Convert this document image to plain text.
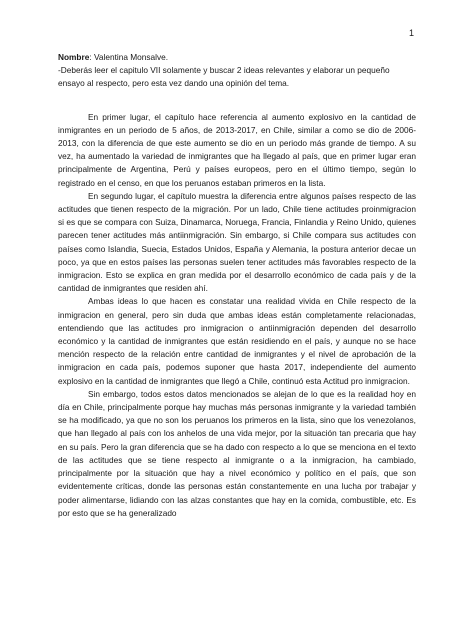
1

Nombre: Valentina Monsalve.

-Deberás leer el capitulo VII solamente y buscar 2 ideas relevantes y elaborar un pequeño ensayo al respecto, pero esta vez dando una opinión del tema.

En primer lugar, el capítulo hace referencia al aumento explosivo en la cantidad de inmigrantes en un periodo de 5 años, de 2013-2017, en Chile, similar a como se dio de 2006-2013, con la diferencia de que este aumento se dio en un periodo más grande de tiempo. A su vez, ha aumentado la variedad de inmigrantes que ha llegado al país, que en primer lugar eran principalmente de Argentina, Perú y países europeos, pero en el último tiempo, según lo registrado en el censo, en que los peruanos estaban primeros en la lista.

En segundo lugar, el capítulo muestra la diferencia entre algunos países respecto de las actitudes que tienen respecto de la migración. Por un lado, Chile tiene actitudes proinmigracion si es que se compara con Suiza, Dinamarca, Noruega, Francia, Finlandia y Reino Unido, quienes parecen tener actitudes más antiinmigración. Sin embargo, si Chile compara sus actitudes con países como Islandia, Suecia, Estados Unidos, España y Alemania, la postura anterior decae un poco, ya que en estos países las personas suelen tener actitudes más favorables respecto de la inmigracion. Esto se explica en gran medida por el desarrollo económico de cada país y de la cantidad de inmigrantes que residen ahí.

Ambas ideas lo que hacen es constatar una realidad vivida en Chile respecto de la inmigracion en general, pero sin duda que ambas ideas están completamente relacionadas, entendiendo que las actitudes pro inmigracion o antiinmigración dependen del desarrollo económico y la cantidad de inmigrantes que están residiendo en el país, y aunque no se hace mención respecto de la relación entre cantidad de inmigrantes y el nivel de aprobación de la inmigracion en cada país, podemos suponer que hasta 2017, independiente del aumento explosivo en la cantidad de inmigrantes que llegó a Chile, continuó esta Actitud pro inmigracion.

Sin embargo, todos estos datos mencionados se alejan de lo que es la realidad hoy en día en Chile, principalmente porque hay muchas más personas inmigrante y la variedad también se ha modificado, ya que no son los peruanos los primeros en la lista, sino que los venezolanos, que han llegado al país con los anhelos de una vida mejor, por la situación tan precaria que hay en su país. Pero la gran diferencia que se ha dado con respecto a lo que se menciona en el texto de las actitudes que se tiene respecto al inmigrante o a la inmigracion, ha cambiado, principalmente por la situación que hay a nivel económico y político en el país, que son evidentemente críticas, donde las personas están constantemente en una lucha por trabajar y poder alimentarse, lidiando con las alzas constantes que hay en la comida, combustible, etc. Es por esto que se ha generalizado
